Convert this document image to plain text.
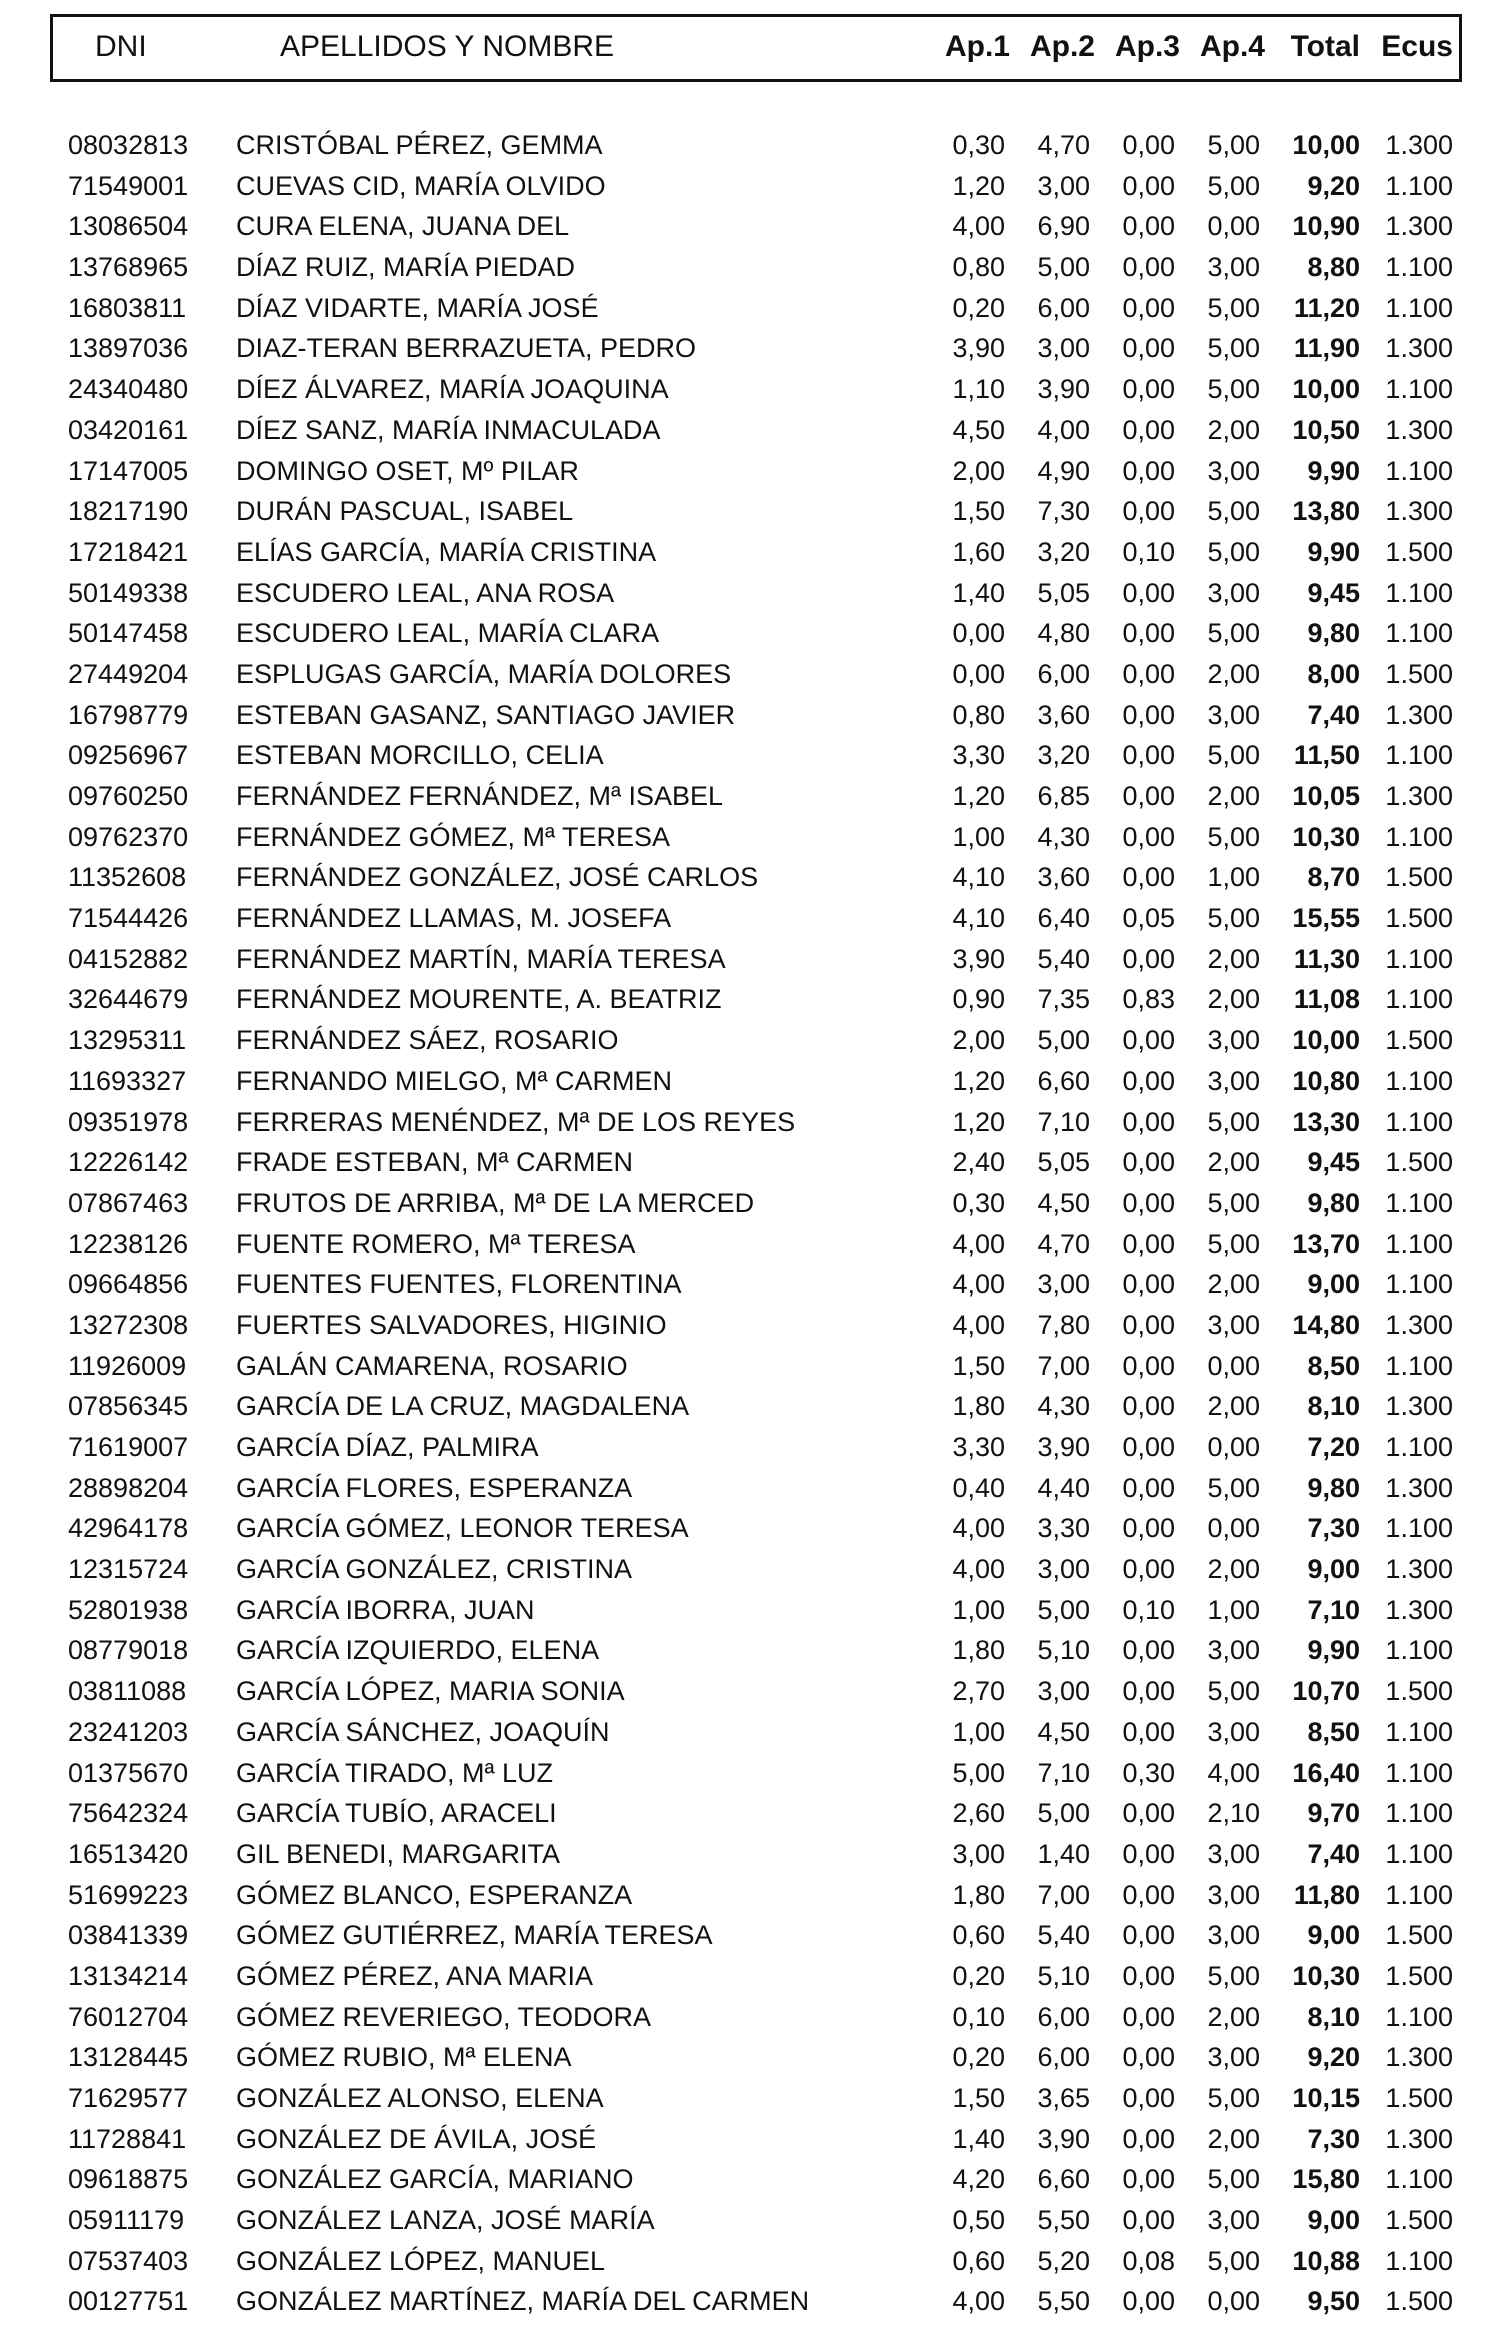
DNI	APELLIDOS Y NOMBRE	Ap.1 Ap.2 Ap.3 Ap.4 Total Ecus
08032813	CRISTÓBAL PÉREZ, GEMMA	0,30	4,70	0,00	5,00	10,00 1.300
71549001	CUEVAS CID, MARÍA OLVIDO	1,20	3,00	0,00	5,00	9,20 1.100
13086504	CURA ELENA, JUANA DEL	4,00	6,90	0,00	0,00	10,90 1.300
13768965	DÍAZ RUIZ, MARÍA PIEDAD	0,80	5,00	0,00	3,00	8,80 1.100
16803811	DÍAZ VIDARTE, MARÍA JOSÉ	0,20	6,00	0,00	5,00	11,20 1.100
13897036	DIAZ-TERAN BERRAZUETA, PEDRO	3,90	3,00	0,00	5,00	11,90 1.300
24340480	DÍEZ ÁLVAREZ, MARÍA JOAQUINA	1,10	3,90	0,00	5,00	10,00 1.100
03420161	DÍEZ SANZ, MARÍA INMACULADA	4,50	4,00	0,00	2,00	10,50 1.300
17147005	DOMINGO OSET, Mº PILAR	2,00	4,90	0,00	3,00	9,90 1.100
18217190	DURÁN PASCUAL, ISABEL	1,50	7,30	0,00	5,00	13,80 1.300
17218421	ELÍAS GARCÍA, MARÍA CRISTINA	1,60	3,20	0,10	5,00	9,90 1.500
50149338	ESCUDERO LEAL, ANA ROSA	1,40	5,05	0,00	3,00	9,45 1.100
50147458	ESCUDERO LEAL, MARÍA CLARA	0,00	4,80	0,00	5,00	9,80 1.100
27449204	ESPLUGAS GARCÍA, MARÍA DOLORES	0,00	6,00	0,00	2,00	8,00 1.500
16798779	ESTEBAN GASANZ, SANTIAGO JAVIER	0,80	3,60	0,00	3,00	7,40 1.300
09256967	ESTEBAN MORCILLO, CELIA	3,30	3,20	0,00	5,00	11,50 1.100
09760250	FERNÁNDEZ FERNÁNDEZ, Mª ISABEL	1,20	6,85	0,00	2,00	10,05 1.300
09762370	FERNÁNDEZ GÓMEZ, Mª TERESA	1,00	4,30	0,00	5,00	10,30 1.100
11352608	FERNÁNDEZ GONZÁLEZ, JOSÉ CARLOS	4,10	3,60	0,00	1,00	8,70 1.500
71544426	FERNÁNDEZ LLAMAS, M. JOSEFA	4,10	6,40	0,05	5,00	15,55 1.500
04152882	FERNÁNDEZ MARTÍN, MARÍA TERESA	3,90	5,40	0,00	2,00	11,30 1.100
32644679	FERNÁNDEZ MOURENTE, A. BEATRIZ	0,90	7,35	0,83	2,00	11,08 1.100
13295311	FERNÁNDEZ SÁEZ, ROSARIO	2,00	5,00	0,00	3,00	10,00 1.500
11693327	FERNANDO MIELGO, Mª CARMEN	1,20	6,60	0,00	3,00	10,80 1.100
09351978	FERRERAS MENÉNDEZ, Mª DE LOS REYES	1,20	7,10	0,00	5,00	13,30 1.100
12226142	FRADE ESTEBAN, Mª CARMEN	2,40	5,05	0,00	2,00	9,45 1.500
07867463	FRUTOS DE ARRIBA, Mª DE LA MERCED	0,30	4,50	0,00	5,00	9,80 1.100
12238126	FUENTE ROMERO, Mª TERESA	4,00	4,70	0,00	5,00	13,70 1.100
09664856	FUENTES FUENTES, FLORENTINA	4,00	3,00	0,00	2,00	9,00 1.100
13272308	FUERTES SALVADORES, HIGINIO	4,00	7,80	0,00	3,00	14,80 1.300
11926009	GALÁN CAMARENA, ROSARIO	1,50	7,00	0,00	0,00	8,50 1.100
07856345	GARCÍA DE LA CRUZ, MAGDALENA	1,80	4,30	0,00	2,00	8,10 1.300
71619007	GARCÍA DÍAZ, PALMIRA	3,30	3,90	0,00	0,00	7,20 1.100
28898204	GARCÍA FLORES, ESPERANZA	0,40	4,40	0,00	5,00	9,80 1.300
42964178	GARCÍA GÓMEZ, LEONOR TERESA	4,00	3,30	0,00	0,00	7,30 1.100
12315724	GARCÍA GONZÁLEZ, CRISTINA	4,00	3,00	0,00	2,00	9,00 1.300
52801938	GARCÍA IBORRA, JUAN	1,00	5,00	0,10	1,00	7,10 1.300
08779018	GARCÍA IZQUIERDO, ELENA	1,80	5,10	0,00	3,00	9,90 1.100
03811088	GARCÍA LÓPEZ, MARIA SONIA	2,70	3,00	0,00	5,00	10,70 1.500
23241203	GARCÍA SÁNCHEZ, JOAQUÍN	1,00	4,50	0,00	3,00	8,50 1.100
01375670	GARCÍA TIRADO, Mª LUZ	5,00	7,10	0,30	4,00	16,40 1.100
75642324	GARCÍA TUBÍO, ARACELI	2,60	5,00	0,00	2,10	9,70 1.100
16513420	GIL BENEDI, MARGARITA	3,00	1,40	0,00	3,00	7,40 1.100
51699223	GÓMEZ BLANCO, ESPERANZA	1,80	7,00	0,00	3,00	11,80 1.100
03841339	GÓMEZ GUTIÉRREZ, MARÍA TERESA	0,60	5,40	0,00	3,00	9,00 1.500
13134214	GÓMEZ PÉREZ, ANA MARIA	0,20	5,10	0,00	5,00	10,30 1.500
76012704	GÓMEZ REVERIEGO, TEODORA	0,10	6,00	0,00	2,00	8,10 1.100
13128445	GÓMEZ RUBIO, Mª ELENA	0,20	6,00	0,00	3,00	9,20 1.300
71629577	GONZÁLEZ ALONSO, ELENA	1,50	3,65	0,00	5,00	10,15 1.500
11728841	GONZÁLEZ DE ÁVILA, JOSÉ	1,40	3,90	0,00	2,00	7,30 1.300
09618875	GONZÁLEZ GARCÍA, MARIANO	4,20	6,60	0,00	5,00	15,80 1.100
05911179	GONZÁLEZ LANZA, JOSÉ MARÍA	0,50	5,50	0,00	3,00	9,00 1.500
07537403	GONZÁLEZ LÓPEZ, MANUEL	0,60	5,20	0,08	5,00	10,88 1.100
00127751	GONZÁLEZ MARTÍNEZ, MARÍA DEL CARMEN	4,00	5,50	0,00	0,00	9,50 1.500
